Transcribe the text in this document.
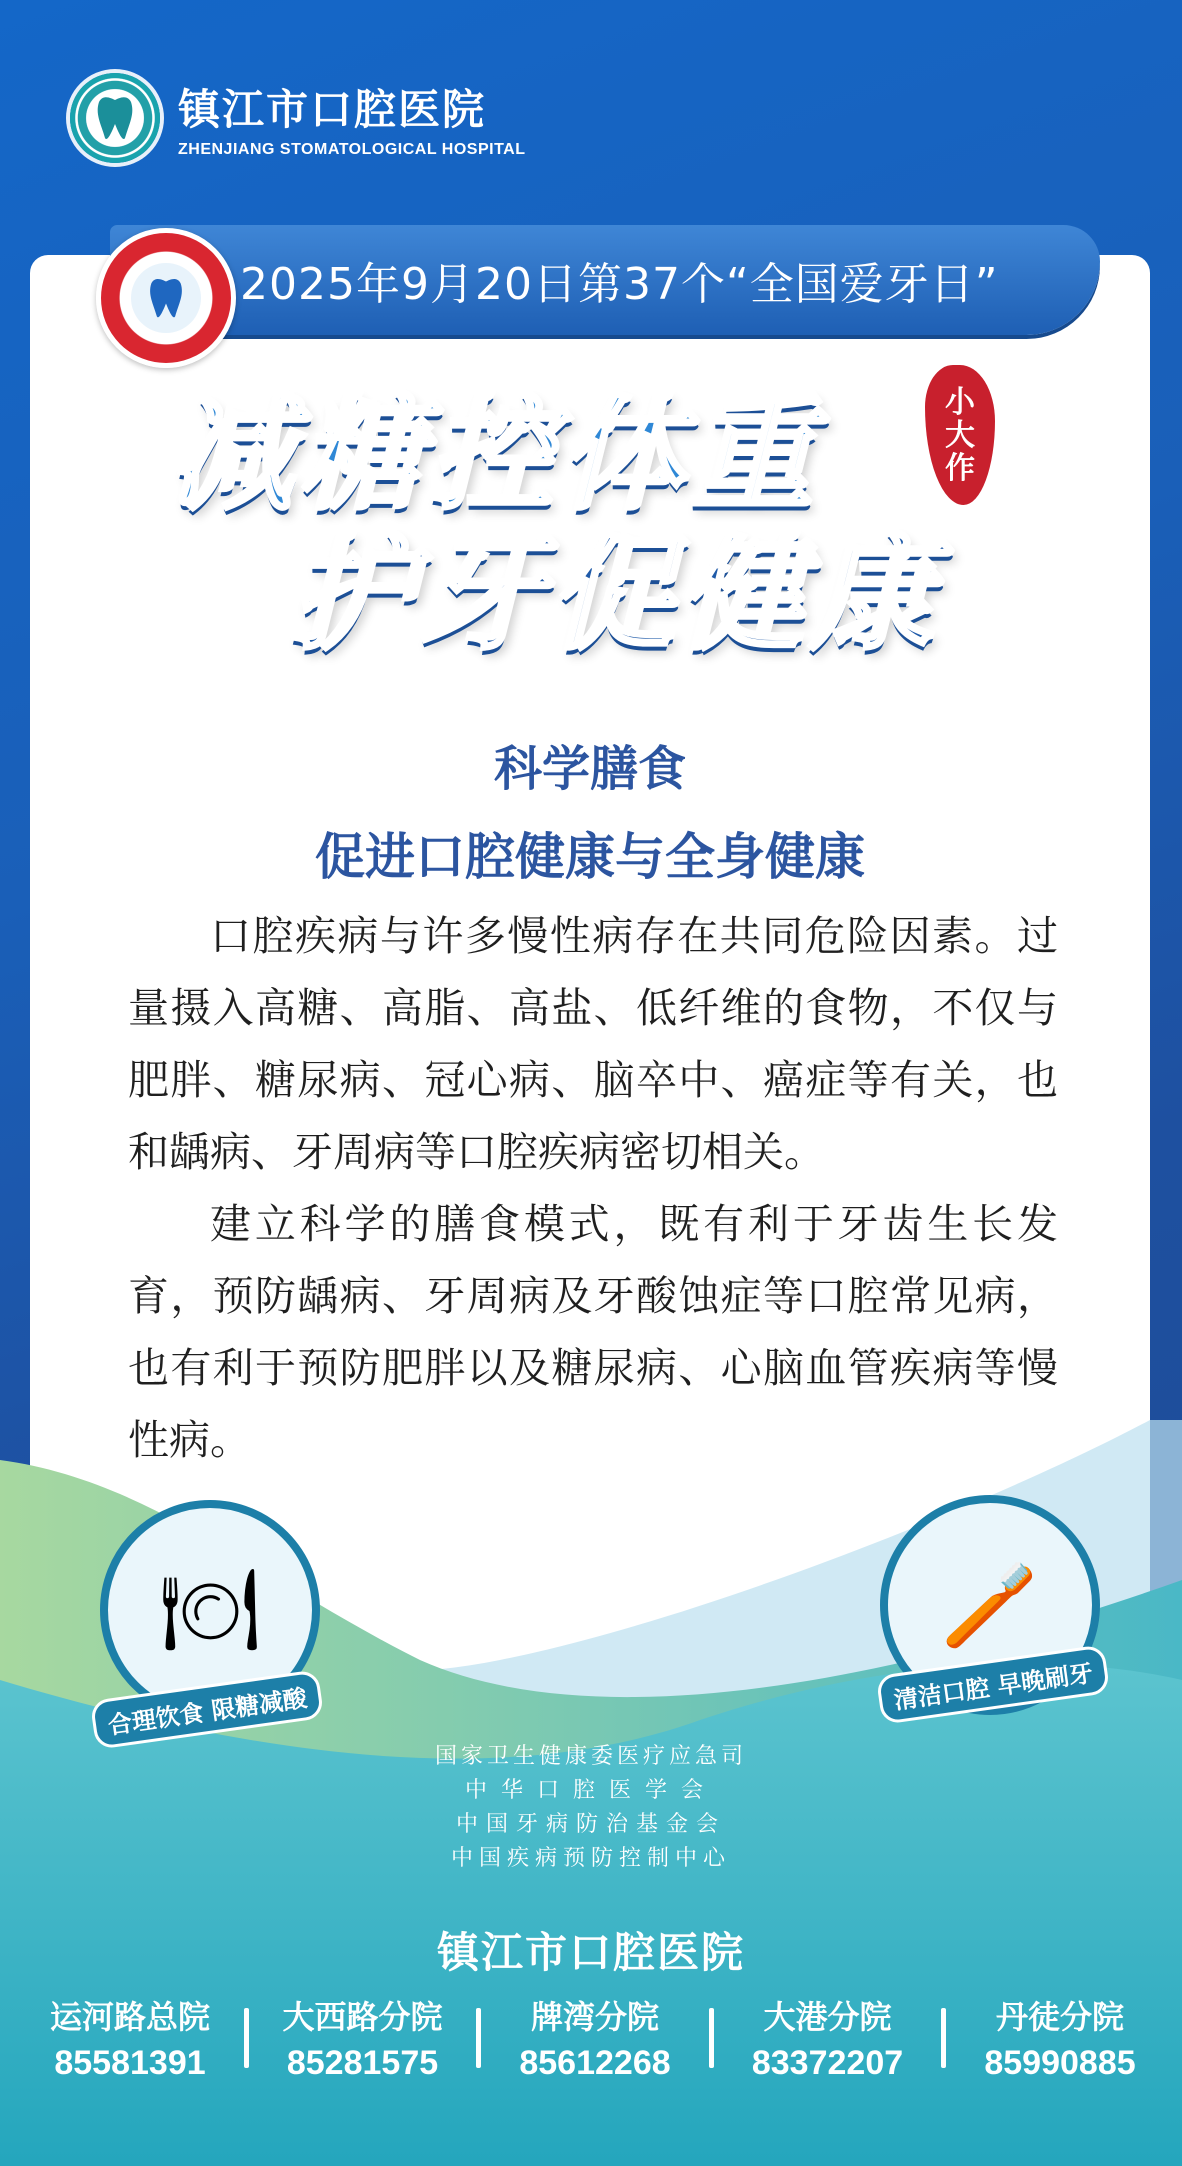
镇江市口腔医院
ZHENJIANG STOMATOLOGICAL HOSPITAL
2025年9月20日第37个“全国爱牙日”
减糖控体重
护牙促健康
小
大
作
科学膳食
促进口腔健康与全身健康

口腔疾病与许多慢性病存在共同危险因素。过量摄入高糖、高脂、高盐、低纤维的食物，不仅与肥胖、糖尿病、冠心病、脑卒中、癌症等有关，也和龋病、牙周病等口腔疾病密切相关。

建立科学的膳食模式，既有利于牙齿生长发育，预防龋病、牙周病及牙酸蚀症等口腔常见病，也有利于预防肥胖以及糖尿病、心脑血管疾病等慢性病。

🍽
合理饮食 限糖减酸
🪥
清洁口腔 早晚刷牙
国家卫生健康委医疗应急司
中华口腔医学会
中国牙病防治基金会
中国疾病预防控制中心
镇江市口腔医院
运河路总院
85581391
大西路分院
85281575
牌湾分院
85612268
大港分院
83372207
丹徒分院
85990885
